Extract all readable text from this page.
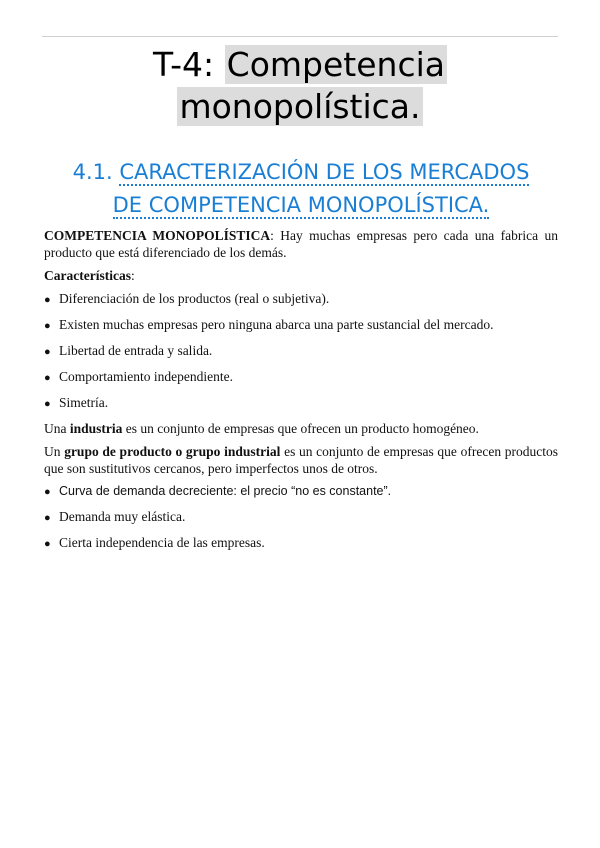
T-4: Competencia
monopolística.
4.1. CARACTERIZACIÓN DE LOS MERCADOS
DE COMPETENCIA MONOPOLÍSTICA.

COMPETENCIA MONOPOLÍSTICA: Hay muchas empresas pero cada una fabrica un producto que está diferenciado de los demás.

Características:

● Diferenciación de los productos (real o subjetiva).
● Existen muchas empresas pero ninguna abarca una parte sustancial del mercado.
● Libertad de entrada y salida.
● Comportamiento independiente.
● Simetría.

Una industria es un conjunto de empresas que ofrecen un producto homogéneo.

Un grupo de producto o grupo industrial es un conjunto de empresas que ofrecen productos que son sustitutivos cercanos, pero imperfectos unos de otros.

● Curva de demanda decreciente: el precio “no es constante”.
● Demanda muy elástica.
● Cierta independencia de las empresas.
